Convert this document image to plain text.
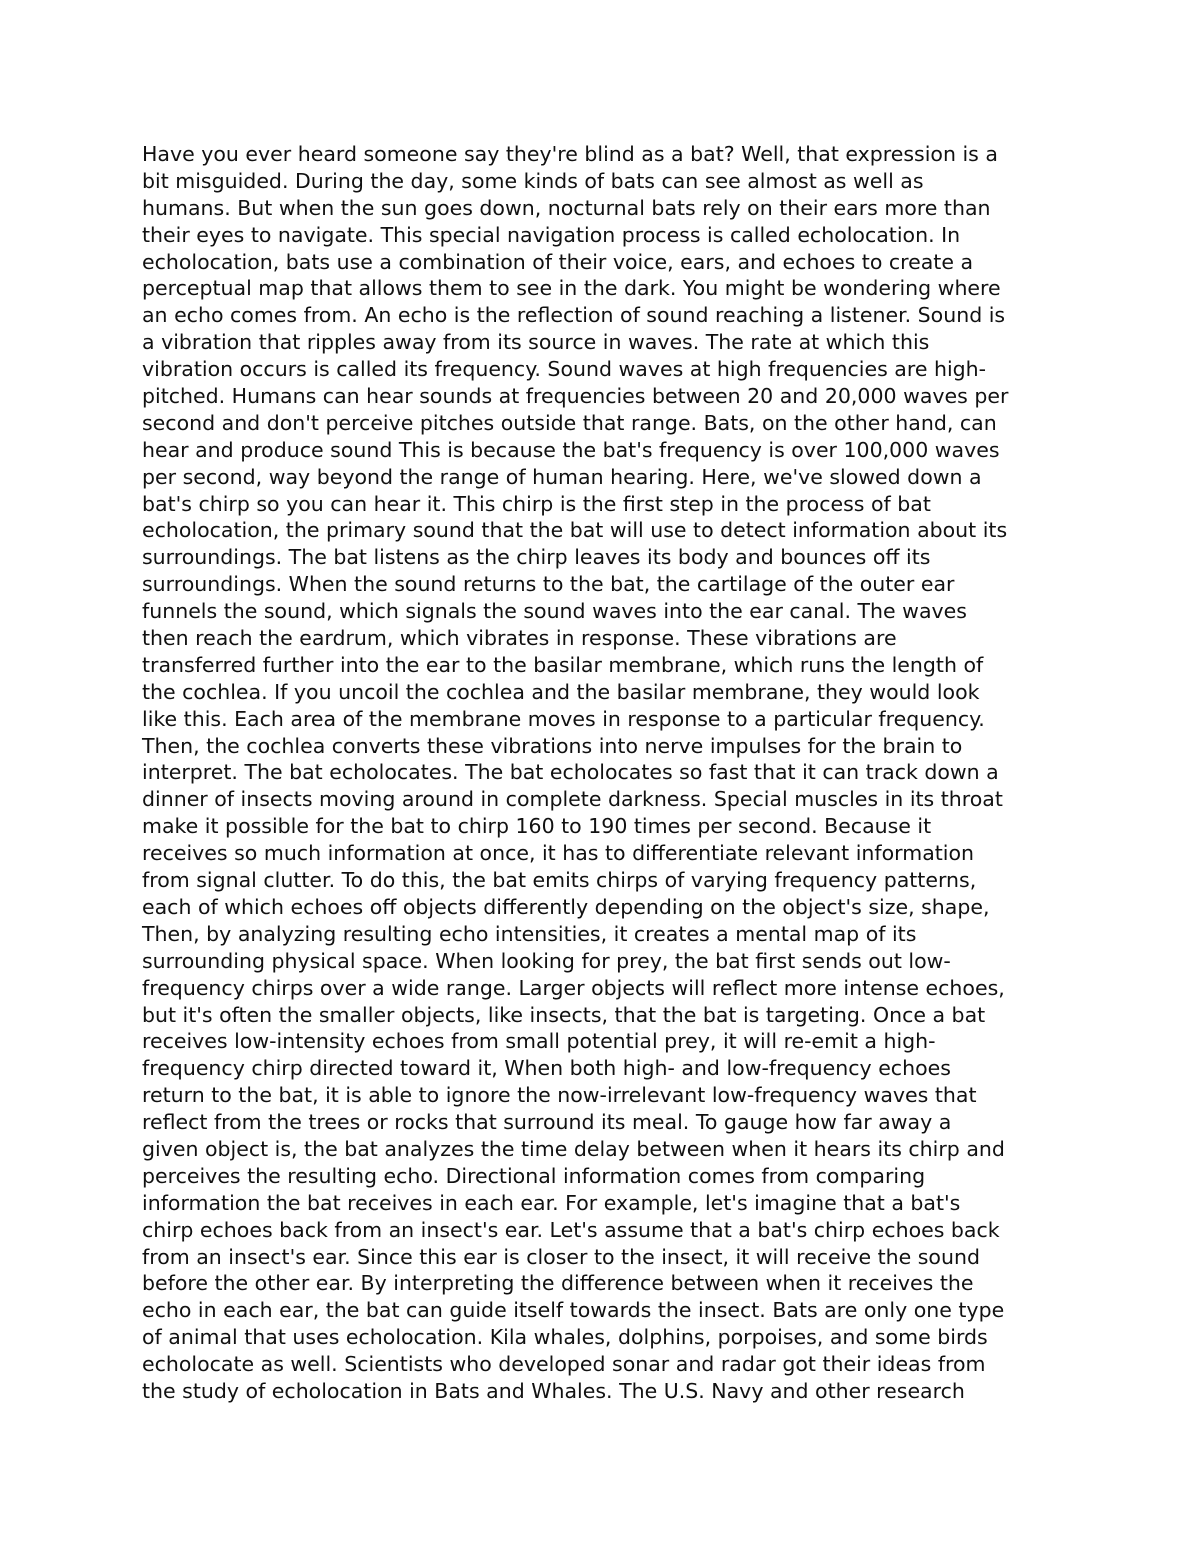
Have you ever heard someone say they're blind as a bat? Well, that expression is a
bit misguided. During the day, some kinds of bats can see almost as well as
humans. But when the sun goes down, nocturnal bats rely on their ears more than
their eyes to navigate. This special navigation process is called echolocation. In
echolocation, bats use a combination of their voice, ears, and echoes to create a
perceptual map that allows them to see in the dark. You might be wondering where
an echo comes from. An echo is the reflection of sound reaching a listener. Sound is
a vibration that ripples away from its source in waves. The rate at which this
vibration occurs is called its frequency. Sound waves at high frequencies are high-
pitched. Humans can hear sounds at frequencies between 20 and 20,000 waves per
second and don't perceive pitches outside that range. Bats, on the other hand, can
hear and produce sound This is because the bat's frequency is over 100,000 waves
per second, way beyond the range of human hearing. Here, we've slowed down a
bat's chirp so you can hear it. This chirp is the first step in the process of bat
echolocation, the primary sound that the bat will use to detect information about its
surroundings. The bat listens as the chirp leaves its body and bounces off its
surroundings. When the sound returns to the bat, the cartilage of the outer ear
funnels the sound, which signals the sound waves into the ear canal. The waves
then reach the eardrum, which vibrates in response. These vibrations are
transferred further into the ear to the basilar membrane, which runs the length of
the cochlea. If you uncoil the cochlea and the basilar membrane, they would look
like this. Each area of the membrane moves in response to a particular frequency.
Then, the cochlea converts these vibrations into nerve impulses for the brain to
interpret. The bat echolocates. The bat echolocates so fast that it can track down a
dinner of insects moving around in complete darkness. Special muscles in its throat
make it possible for the bat to chirp 160 to 190 times per second. Because it
receives so much information at once, it has to differentiate relevant information
from signal clutter. To do this, the bat emits chirps of varying frequency patterns,
each of which echoes off objects differently depending on the object's size, shape,
Then, by analyzing resulting echo intensities, it creates a mental map of its
surrounding physical space. When looking for prey, the bat first sends out low-
frequency chirps over a wide range. Larger objects will reflect more intense echoes,
but it's often the smaller objects, like insects, that the bat is targeting. Once a bat
receives low-intensity echoes from small potential prey, it will re-emit a high-
frequency chirp directed toward it, When both high- and low-frequency echoes
return to the bat, it is able to ignore the now-irrelevant low-frequency waves that
reflect from the trees or rocks that surround its meal. To gauge how far away a
given object is, the bat analyzes the time delay between when it hears its chirp and
perceives the resulting echo. Directional information comes from comparing
information the bat receives in each ear. For example, let's imagine that a bat's
chirp echoes back from an insect's ear. Let's assume that a bat's chirp echoes back
from an insect's ear. Since this ear is closer to the insect, it will receive the sound
before the other ear. By interpreting the difference between when it receives the
echo in each ear, the bat can guide itself towards the insect. Bats are only one type
of animal that uses echolocation. Kila whales, dolphins, porpoises, and some birds
echolocate as well. Scientists who developed sonar and radar got their ideas from
the study of echolocation in Bats and Whales. The U.S. Navy and other research
